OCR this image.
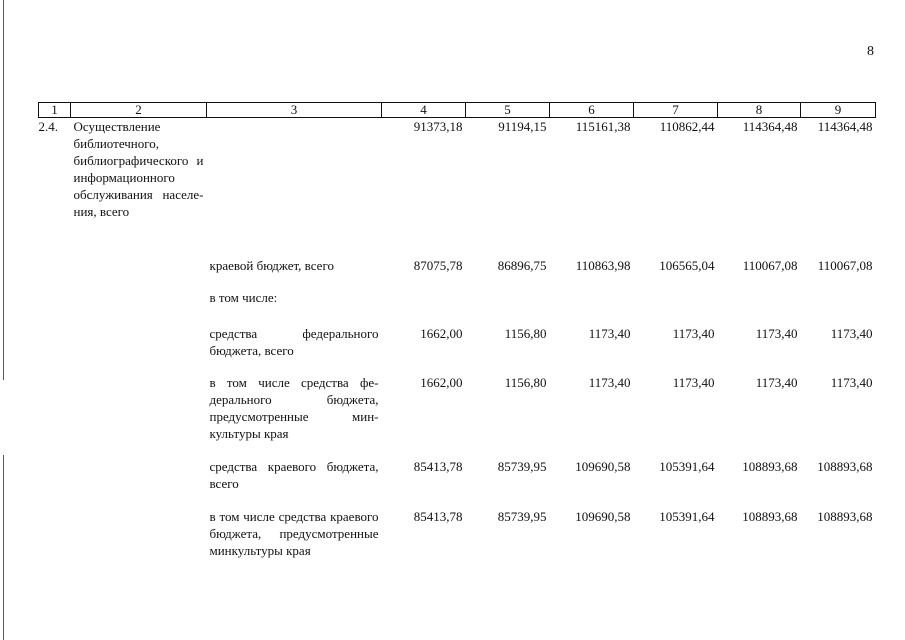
8
1	2	3	4	5	6	7	8	9
2.4.	Осуществление библиотечного, библиографического и информационного обслуживания населения, всего		91373,18	91194,15	115161,38	110862,44	114364,48	114364,48
		краевой бюджет, всего	87075,78	86896,75	110863,98	106565,04	110067,08	110067,08
		в том числе:						
		средства федерального бюджета, всего	1662,00	1156,80	1173,40	1173,40	1173,40	1173,40
		в том числе средства федерального бюджета, предусмотренные минкультуры края	1662,00	1156,80	1173,40	1173,40	1173,40	1173,40
		средства краевого бюджета, всего	85413,78	85739,95	109690,58	105391,64	108893,68	108893,68
		в том числе средства краевого бюджета, предусмотренные минкультуры края	85413,78	85739,95	109690,58	105391,64	108893,68	108893,68
